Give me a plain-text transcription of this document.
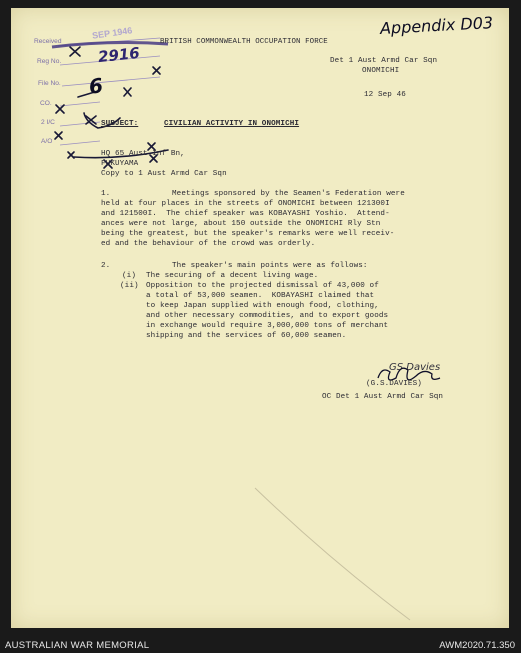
Received
Reg No.
File No.
CO.
2 I/C
A/O
SEP 1946	Appendix D03
2916
6
GS Davies
BRITISH COMMONWEALTH OCCUPATION FORCE
Det 1 Aust Armd Car Sqn
ONOMICHI
12 Sep 46
SUBJECT:	CIVILIAN ACTIVITY IN ONOMICHI
HQ 65 Aust Inf Bn,
FUKUYAMA
Copy to 1 Aust Armd Car Sqn
1.	Meetings sponsored by the Seamen's Federation were
held at four places in the streets of ONOMICHI between 121300I
and 121500I.  The chief speaker was KOBAYASHI Yoshio.  Attend-
ances were not large, about 150 outside the ONOMICHI Rly Stn
being the greatest, but the speaker's remarks were well receiv-
ed and the behaviour of the crowd was orderly.
2.	The speaker's main points were as follows:
(i) The securing of a decent living wage.
(ii) Opposition to the projected dismissal of 43,000 of
a total of 53,000 seamen.  KOBAYASHI claimed that
to keep Japan supplied with enough food, clothing,
and other necessary commodities, and to export goods
in exchange would require 3,000,000 tons of merchant
shipping and the services of 60,000 seamen.
(G.S.DAVIES)
OC Det 1 Aust Armd Car Sqn
AUSTRALIAN WAR MEMORIAL	AWM2020.71.350
